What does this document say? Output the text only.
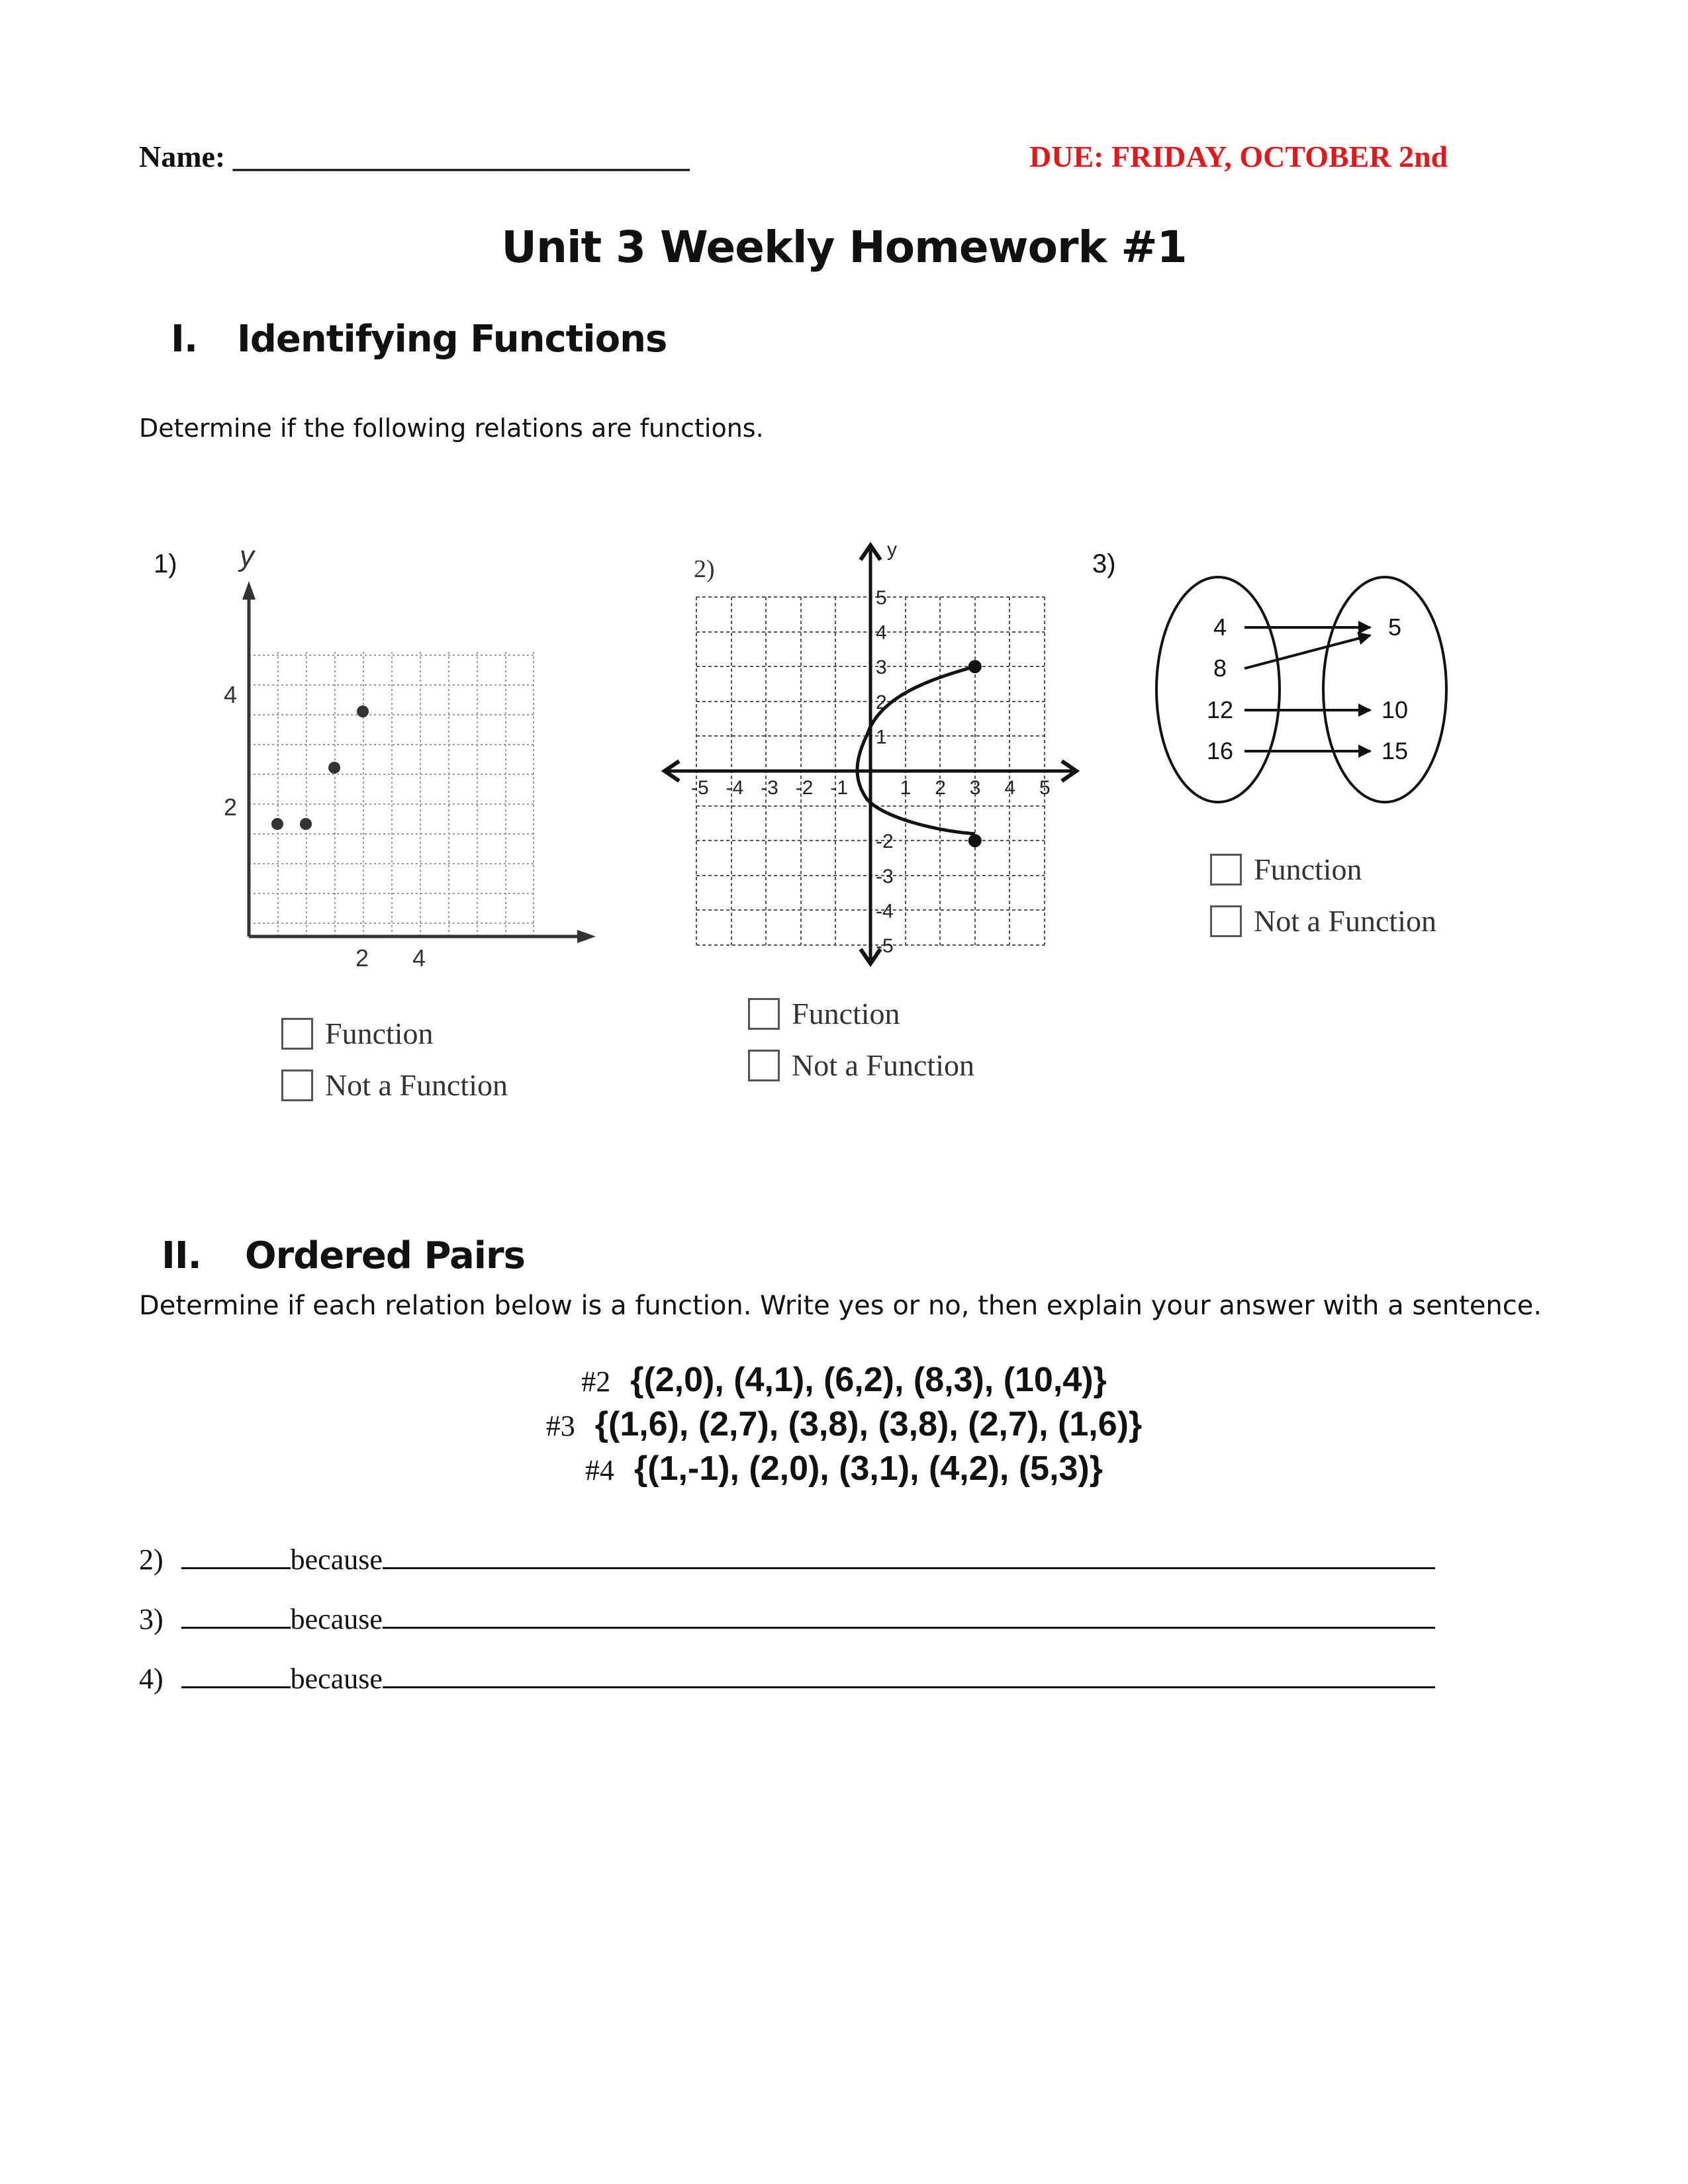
Name: ______________________________	DUE: FRIDAY, OCTOBER 2nd
Unit 3 Weekly Homework #1
I. Identifying Functions
Determine if the following relations are functions.
1) y
2
4
2 4
Function
Not a Function
2)
y
-5 -4 -3 -2 -1	1 2 3 4 5
5
4
3
2
1
-2
-3
-4
-5
Function
Not a Function
3)
4
8
12
16
5
10
15
Function
Not a Function
II. Ordered Pairs
Determine if each relation below is a function. Write yes or no, then explain your answer with a sentence.
#2 {(2,0), (4,1), (6,2), (8,3), (10,4)}
#3 {(1,6), (2,7), (3,8), (3,8), (2,7), (1,6)}
#4 {(1,-1), (2,0), (3,1), (4,2), (5,3)}
2)	because
3)	because
4)	because
